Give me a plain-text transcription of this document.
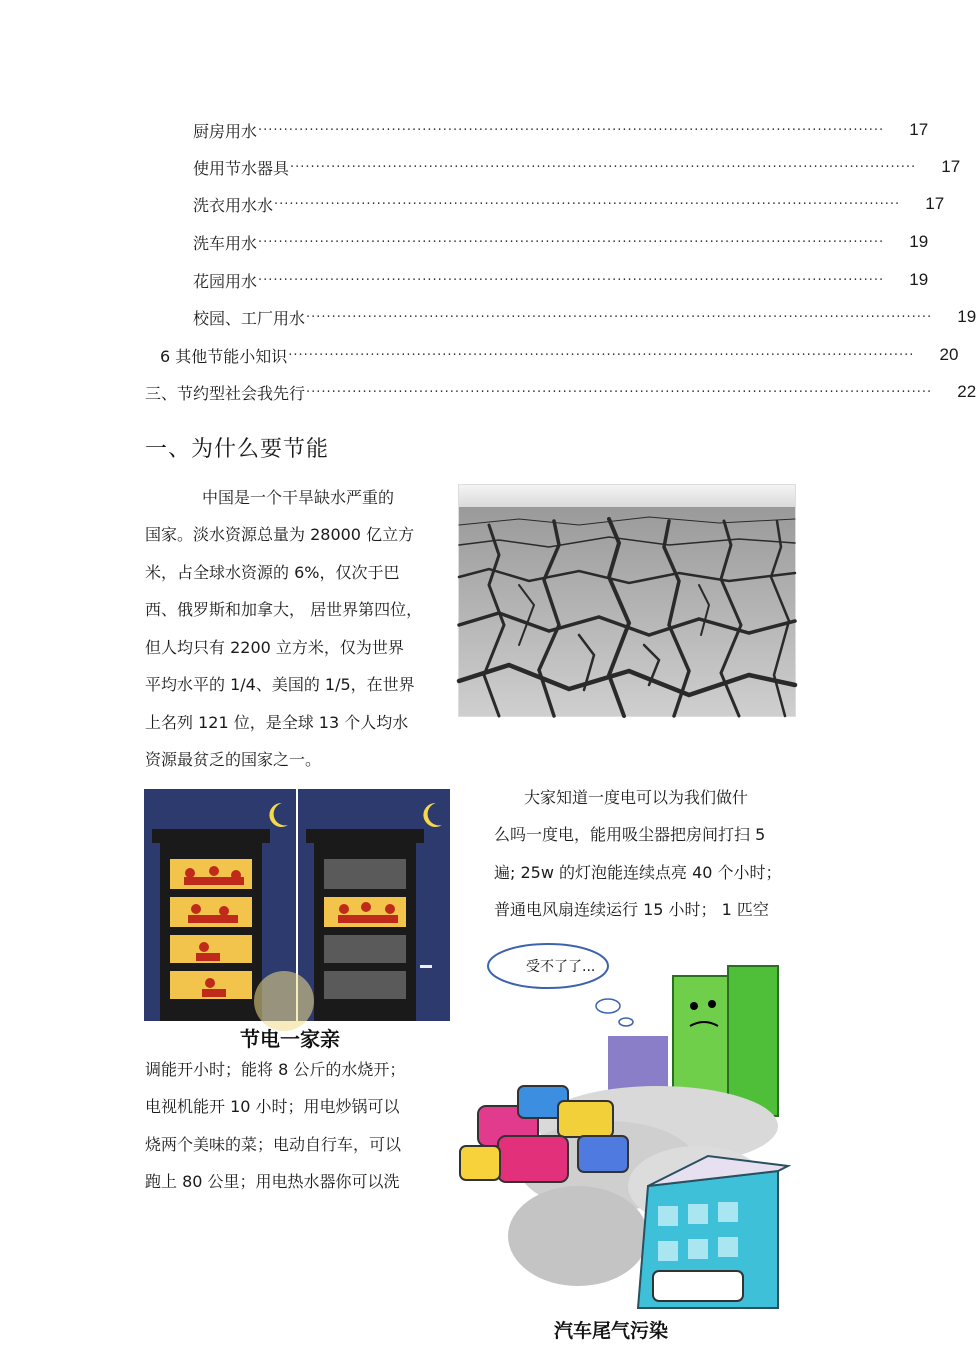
厨房用水 ··························································································································	17
使用节水器具 ··························································································································	17
洗衣用水水 ··························································································································	17
洗车用水 ··························································································································	19
花园用水 ··························································································································	19
校园、工厂用水 ··························································································································	19
6 其他节能小知识 ··························································································································	20
三、节约型社会我先行 ··························································································································	22
一、为什么要节能
中国是一个干旱缺水严重的
国家。淡水资源总量为 28000 亿立方
米，占全球水资源的 6%，仅次于巴
西、俄罗斯和加拿大， 居世界第四位，
但人均只有 2200 立方米，仅为世界
平均水平的 1/4、美国的 1/5，在世界
上名列 121 位，是全球 13 个人均水
资源最贫乏的国家之一。
大家知道一度电可以为我们做什
么吗一度电，能用吸尘器把房间打扫 5
遍; 25w 的灯泡能连续点亮 40 个小时；
普通电风扇连续运行 15 小时； 1 匹空
调能开小时；能将 8 公斤的水烧开；
电视机能开 10 小时；用电炒锅可以
烧两个美味的菜；电动自行车，可以
跑上 80 公里；用电热水器你可以洗
节电一家亲
受不了了...
汽车尾气污染
